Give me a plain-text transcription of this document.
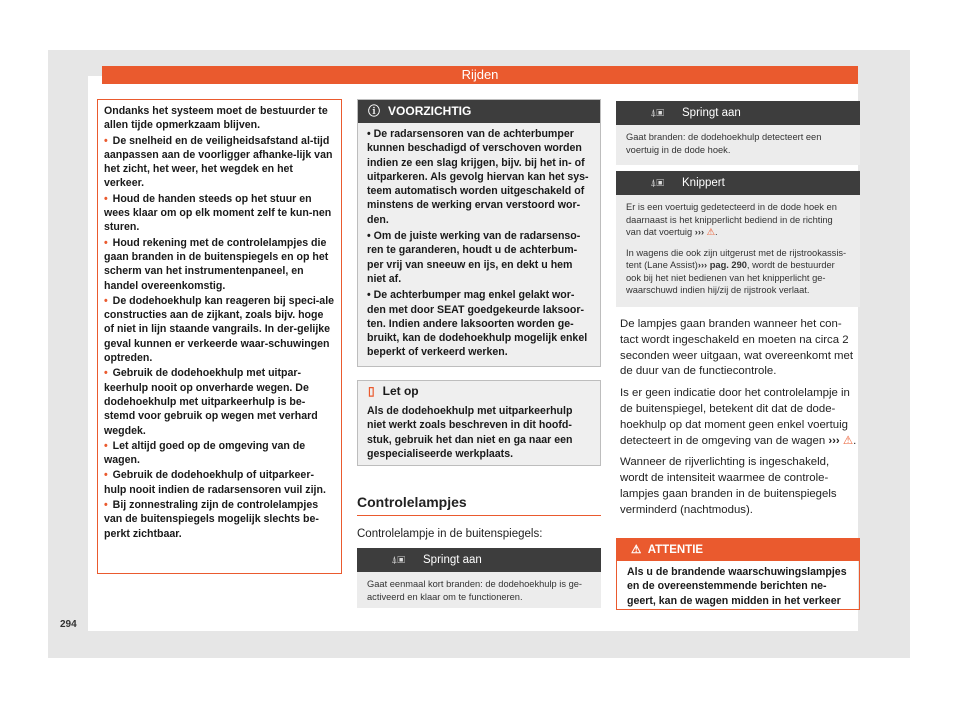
Rijden

Ondanks het systeem moet de bestuurder te allen tijde opmerkzaam blijven.

• De snelheid en de veiligheidsafstand al-tijd aanpassen aan de voorligger afhanke-lijk van het zicht, het weer, het wegdek en het verkeer.

• Houd de handen steeds op het stuur en wees klaar om op elk moment zelf te kun-nen sturen.

• Houd rekening met de controlelampjes die gaan branden in de buitenspiegels en op het scherm van het instrumentenpaneel, en handel overeenkomstig.

• De dodehoekhulp kan reageren bij speci-ale constructies aan de zijkant, zoals bijv. hoge of niet in lijn staande vangrails. In der-gelijke geval kunnen er verkeerde waar-schuwingen optreden.

• Gebruik de dodehoekhulp met uitpar-keerhulp nooit op onverharde wegen. De dodehoekhulp met uitparkeerhulp is be-stemd voor gebruik op wegen met verhard wegdek.

• Let altijd goed op de omgeving van de wagen.

• Gebruik de dodehoekhulp of uitparkeer-hulp nooit indien de radarsensoren vuil zijn.

• Bij zonnestraling zijn de controlelampjes van de buitenspiegels mogelijk slechts be-perkt zichtbaar.

ⓘ VOORZICHTIG

• De radarsensoren van de achterbumper kunnen beschadigd of verschoven worden indien ze een slag krijgen, bijv. bij het in- of uitparkeren. Als gevolg hiervan kan het sys-teem automatisch worden uitgeschakeld of minstens de werking ervan verstoord wor-den.

• Om de juiste werking van de radarsenso-ren te garanderen, houdt u de achterbum-per vrij van sneeuw en ijs, en dekt u hem niet af.

• De achterbumper mag enkel gelakt wor-den met door SEAT goedgekeurde laksoor-ten. Indien andere laksoorten worden ge-bruikt, kan de dodehoekhulp mogelijk enkel beperkt of verkeerd werken.

▯ Let op
Als de dodehoekhulp met uitparkeerhulp niet werkt zoals beschreven in dit hoofd-stuk, gebruik het dan niet en ga naar een gespecialiseerde werkplaats.
Controlelampjes
Controlelampje in de buitenspiegels:
⍋▣	Springt aan
Gaat eenmaal kort branden: de dodehoekhulp is ge-activeerd en klaar om te functioneren.
⍋▣	Springt aan
Gaat branden: de dodehoekhulp detecteert een voertuig in de dode hoek.
⍋▣	Knippert

Er is een voertuig gedetecteerd in de dode hoek en daarnaast is het knipperlicht bediend in de richting van dat voertuig ››› ⚠.

In wagens die ook zijn uitgerust met de rijstrookassis-tent (Lane Assist)››› pag. 290, wordt de bestuurder ook bij het niet bedienen van het knipperlicht ge-waarschuwd indien hij/zij de rijstrook verlaat.

De lampjes gaan branden wanneer het con-tact wordt ingeschakeld en moeten na circa 2 seconden weer uitgaan, wat overeenkomt met de duur van de functiecontrole.

Is er geen indicatie door het controlelampje in de buitenspiegel, betekent dit dat de dode-hoekhulp op dat moment geen enkel voertuig detecteert in de omgeving van de wagen ››› ⚠.

Wanneer de rijverlichting is ingeschakeld, wordt de intensiteit waarmee de controle-lampjes gaan branden in de buitenspiegels verminderd (nachtmodus).

⚠ ATTENTIE
Als u de brandende waarschuwingslampjes en de overeenstemmende berichten ne-geert, kan de wagen midden in het verkeer
294
